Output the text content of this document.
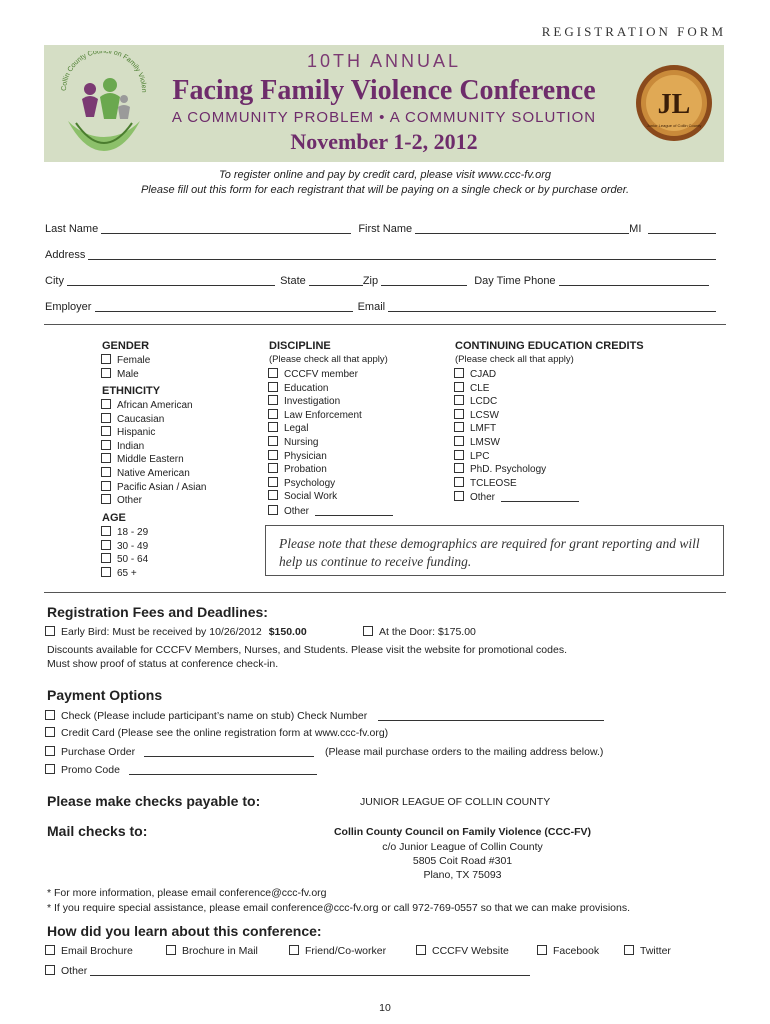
REGISTRATION FORM
Collin County Council on Family Violen
10TH ANNUAL
Facing Family Violence Conference
A COMMUNITY PROBLEM • A COMMUNITY SOLUTION
November 1-2, 2012
JL
Junior League of Collin County
To register online and pay by credit card, please visit www.ccc-fv.org
Please fill out this form for each registrant that will be paying on a single check or by purchase order.
Last Name	First Name	MI
Address
City	State	Zip	Day Time Phone
Employer	Email
GENDER
Female
Male
ETHNICITY
African American
Caucasian
Hispanic
Indian
Middle Eastern
Native American
Pacific Asian / Asian
Other
AGE
18 - 29
30 - 49
50 - 64
65 +
DISCIPLINE
(Please check all that apply)
CCCFV member
Education
Investigation
Law Enforcement
Legal
Nursing
Physician
Probation
Psychology
Social Work
Other
CONTINUING EDUCATION CREDITS
(Please check all that apply)
CJAD
CLE
LCDC
LCSW
LMFT
LMSW
LPC
PhD. Psychology
TCLEOSE
Other
Please note that these demographics are required for grant reporting and will help us continue to receive funding.
Registration Fees and Deadlines:
Early Bird: Must be received by 10/26/2012 $150.00	At the Door: $175.00
Discounts available for CCCFV Members, Nurses, and Students. Please visit the website for promotional codes.
Must show proof of status at conference check-in.
Payment Options
Check (Please include participant’s name on stub) Check Number
Credit Card (Please see the online registration form at www.ccc-fv.org)
Purchase Order	(Please mail purchase orders to the mailing address below.)
Promo Code
Please make checks payable to:	JUNIOR LEAGUE OF COLLIN COUNTY
Mail checks to:	Collin County Council on Family Violence (CCC-FV)
c/o Junior League of Collin County
5805 Coit Road #301
Plano, TX 75093
* For more information, please email conference@ccc-fv.org
* If you require special assistance, please email conference@ccc-fv.org or call 972-769-0557 so that we can make provisions.
How did you learn about this conference:
Email Brochure	Brochure in Mail	Friend/Co-worker	CCCFV Website	Facebook	Twitter
Other
10
